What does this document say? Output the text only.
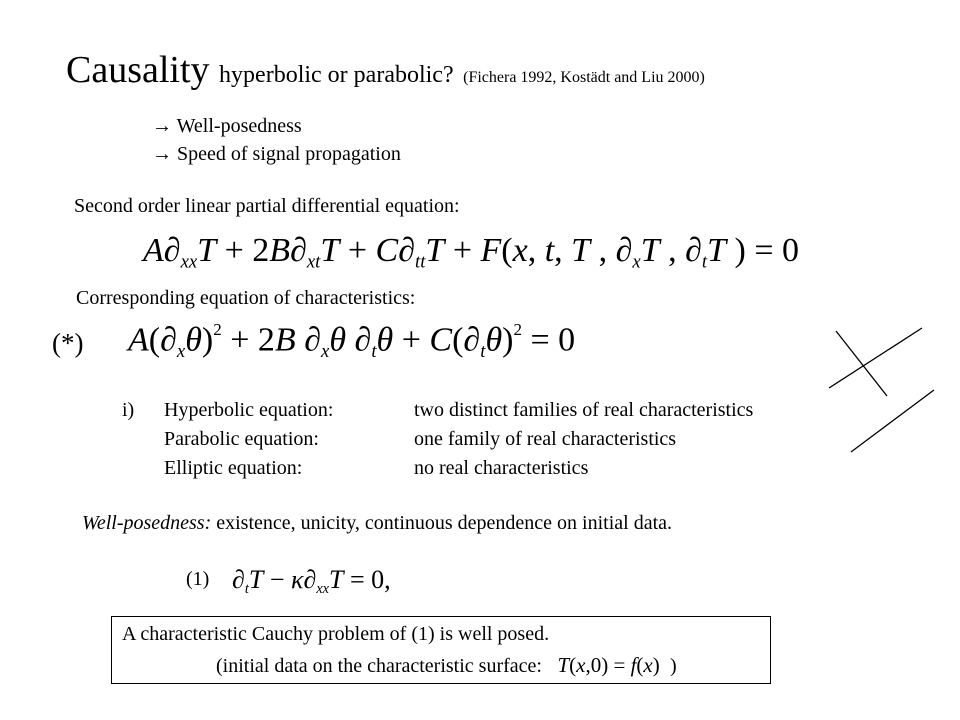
Causality hyperbolic or parabolic? (Fichera 1992, Kostädt and Liu 2000)
→ Well-posedness
→ Speed of signal propagation
Second order linear partial differential equation:
$A\partial_{xx}T + 2B\partial_{xt}T + C\partial_{tt}T + F(x$, t, T , $\partial_xT$ , $\partial_tT$ ) = 0
Corresponding equation of characteristics:
(*) $A(\partial_x\theta)^2 + 2B$ $\partial_x\theta$ $\partial_t\theta + C(\partial_t\theta)^2 = 0$
i)	Hyperbolic equation:	two distinct families of real characteristics
Parabolic equation:	one family of real characteristics
Elliptic equation:	no real characteristics
Well-posedness: existence, unicity, continuous dependence on initial data.
(1) $\partial_tT - \kappa\partial_{xx}T = 0$,
A characteristic Cauchy problem of (1) is well posed.
(initial data on the characteristic surface: T(x,0) = f(x)  )
